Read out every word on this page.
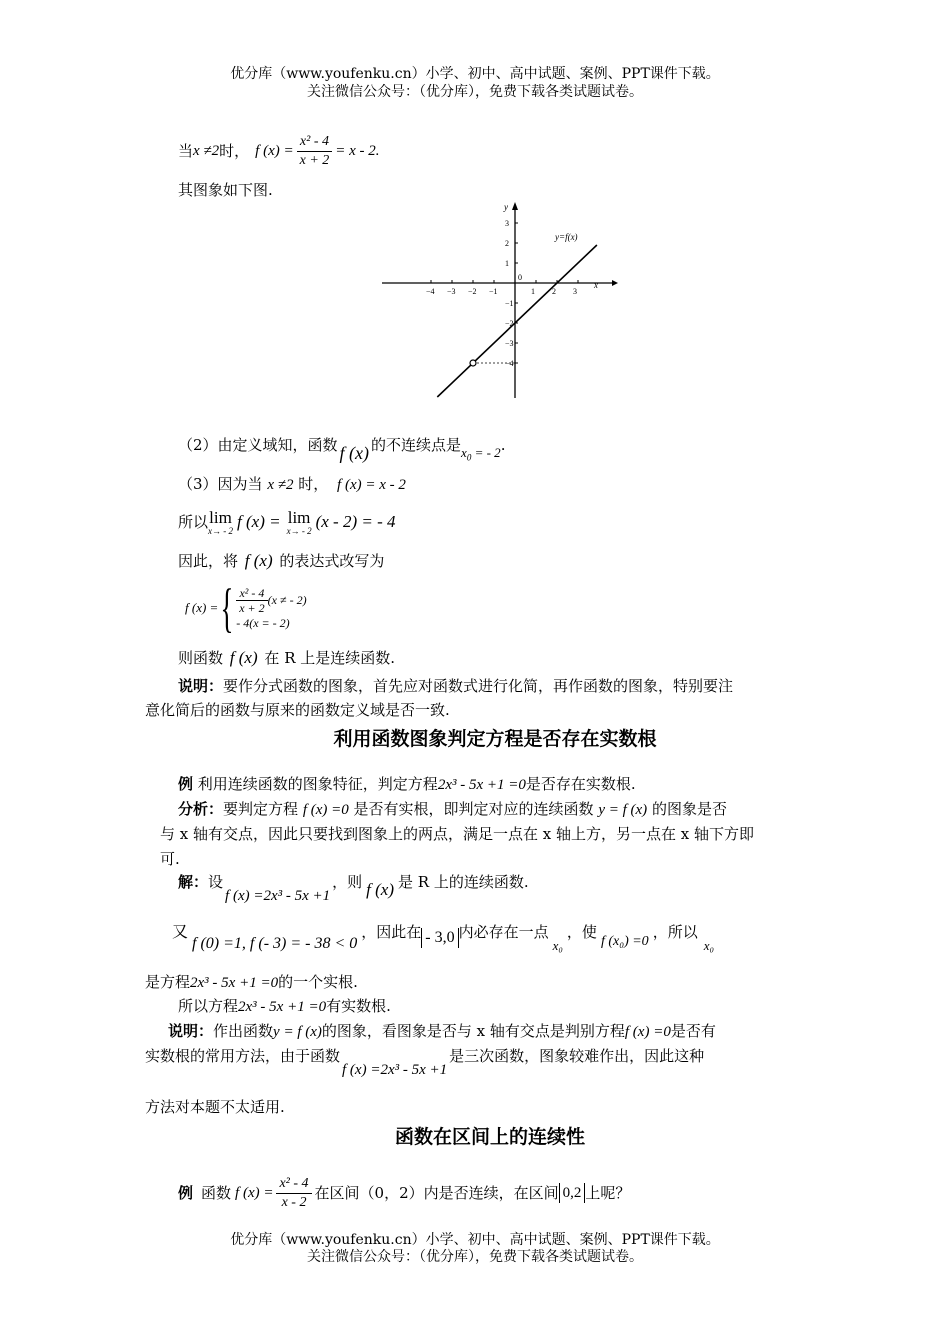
优分库（www.youfenku.cn）小学、初中、高中试题、案例、PPT课件下载。
关注微信公众号：（优分库），免费下载各类试题试卷。
当 x ≠2 时， f $(x) = \frac{\text{x² - 4}}{x + 2} = x - 2$.
其图象如下图.
−4 −3 −2 −1	1 2 3
3
2
1
−1
−2
−3
−4
y=f(x)
x
y
0
（2）由定义域知，函数 f (x) 的不连续点是 $x_0$ = - 2 .
（3）因为当 x ≠2 时， f (x) = x - 2
所以 lim
x→ - 2 f (x) = lim
x→ - 2 (x - 2) = - 4
因此，将 f (x) 的表达式改写为
f (x) = { $\frac{\text{x² - 4}}{x + 2} (x$ ≠ - 2)
- 4(x = - 2)
则函数 f (x) 在 R 上是连续函数.
说明：要作分式函数的图象，首先应对函数式进行化简，再作函数的图象，特别要注
意化简后的函数与原来的函数定义域是否一致.
利用函数图象判定方程是否存在实数根
例 利用连续函数的图象特征，判定方程2x³ - 5x +1 =0是否存在实数根.
分析：要判定方程 f (x) =0 是否有实根，即判定对应的连续函数 y = f (x) 的图象是否
与 x 轴有交点，因此只要找到图象上的两点，满足一点在 x 轴上方，另一点在 x 轴下方即
可.
解： 设
f (x) =2x³ - 5x +1
，则 f (x) 是 R 上的连续函数.
又
f (0) =1, f (- 3) = - 38 < 0
，因此在 - 3,0 内必存在一点
x₀
，使
f (x₀) =0
，所以
x₀
是方程2x³ - 5x +1 =0的一个实根.
所以方程2x³ - 5x +1 =0有实数根.
说明：作出函数y = f (x)的图象，看图象是否与 x 轴有交点是判别方程f (x) =0是否有
实数根的常用方法，由于函数
f (x) =2x³ - 5x +1
是三次函数，图象较难作出，因此这种
方法对本题不太适用.
函数在区间上的连续性
例 函数 f $(x) = \frac{\text{x² - 4}}{x - 2}$ 在区间（0，2）内是否连续，在区间 0,2 上呢？
优分库（www.youfenku.cn）小学、初中、高中试题、案例、PPT课件下载。
关注微信公众号：（优分库），免费下载各类试题试卷。
